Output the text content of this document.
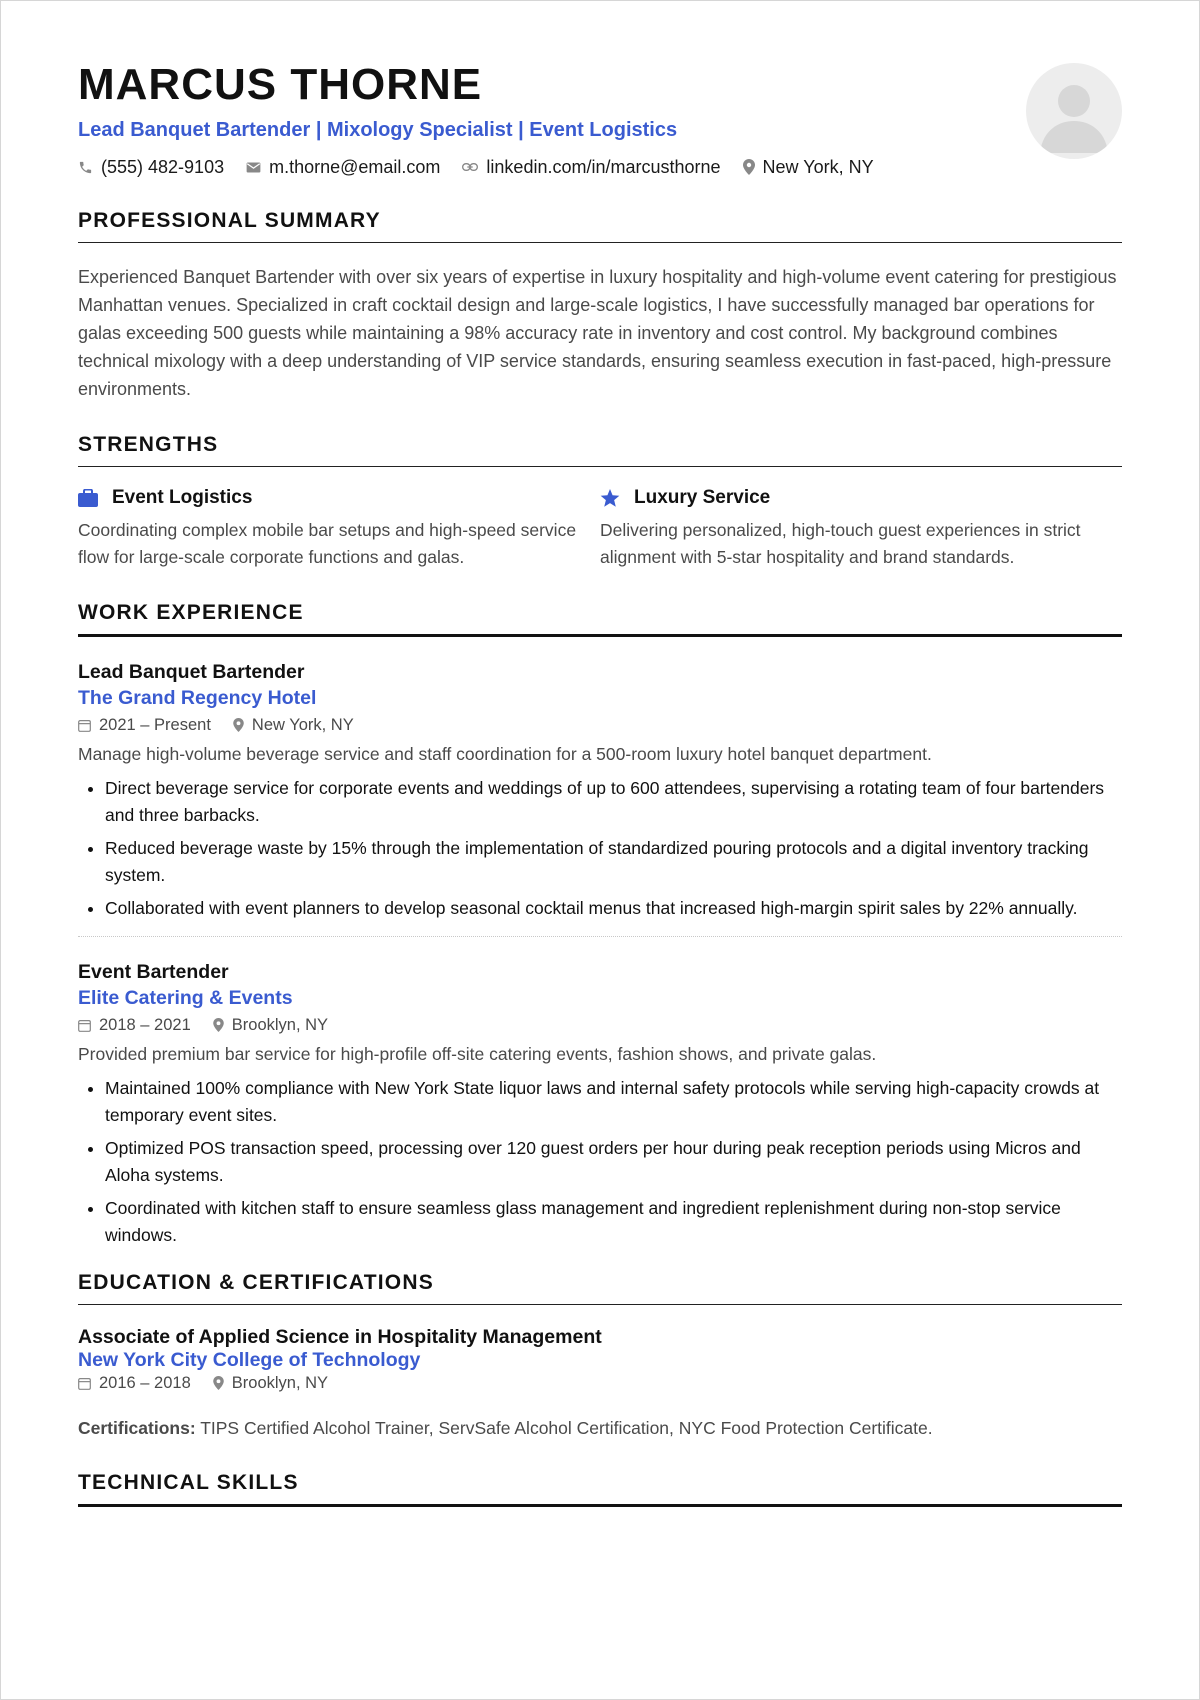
MARCUS THORNE
Lead Banquet Bartender | Mixology Specialist | Event Logistics
(555) 482-9103	m.thorne@email.com	linkedin.com/in/marcusthorne New York, NY
PROFESSIONAL SUMMARY
Experienced Banquet Bartender with over six years of expertise in luxury hospitality and high-volume event catering for prestigious Manhattan venues. Specialized in craft cocktail design and large-scale logistics, I have successfully managed bar operations for galas exceeding 500 guests while maintaining a 98% accuracy rate in inventory and cost control. My background combines technical mixology with a deep understanding of VIP service standards, ensuring seamless execution in fast-paced, high-pressure environments.
STRENGTHS
Event Logistics
Coordinating complex mobile bar setups and high-speed service flow for large-scale corporate functions and galas.
Luxury Service
Delivering personalized, high-touch guest experiences in strict alignment with 5-star hospitality and brand standards.
WORK EXPERIENCE
Lead Banquet Bartender
The Grand Regency Hotel
2021 – Present New York, NY
Manage high-volume beverage service and staff coordination for a 500-room luxury hotel banquet department.
• Direct beverage service for corporate events and weddings of up to 600 attendees, supervising a rotating team of four bartenders and three barbacks.
• Reduced beverage waste by 15% through the implementation of standardized pouring protocols and a digital inventory tracking system.
• Collaborated with event planners to develop seasonal cocktail menus that increased high-margin spirit sales by 22% annually.
Event Bartender
Elite Catering & Events
2018 – 2021 Brooklyn, NY
Provided premium bar service for high-profile off-site catering events, fashion shows, and private galas.
• Maintained 100% compliance with New York State liquor laws and internal safety protocols while serving high-capacity crowds at temporary event sites.
• Optimized POS transaction speed, processing over 120 guest orders per hour during peak reception periods using Micros and Aloha systems.
• Coordinated with kitchen staff to ensure seamless glass management and ingredient replenishment during non-stop service windows.
EDUCATION & CERTIFICATIONS
Associate of Applied Science in Hospitality Management
New York City College of Technology
2016 – 2018 Brooklyn, NY
Certifications: TIPS Certified Alcohol Trainer, ServSafe Alcohol Certification, NYC Food Protection Certificate.
TECHNICAL SKILLS
